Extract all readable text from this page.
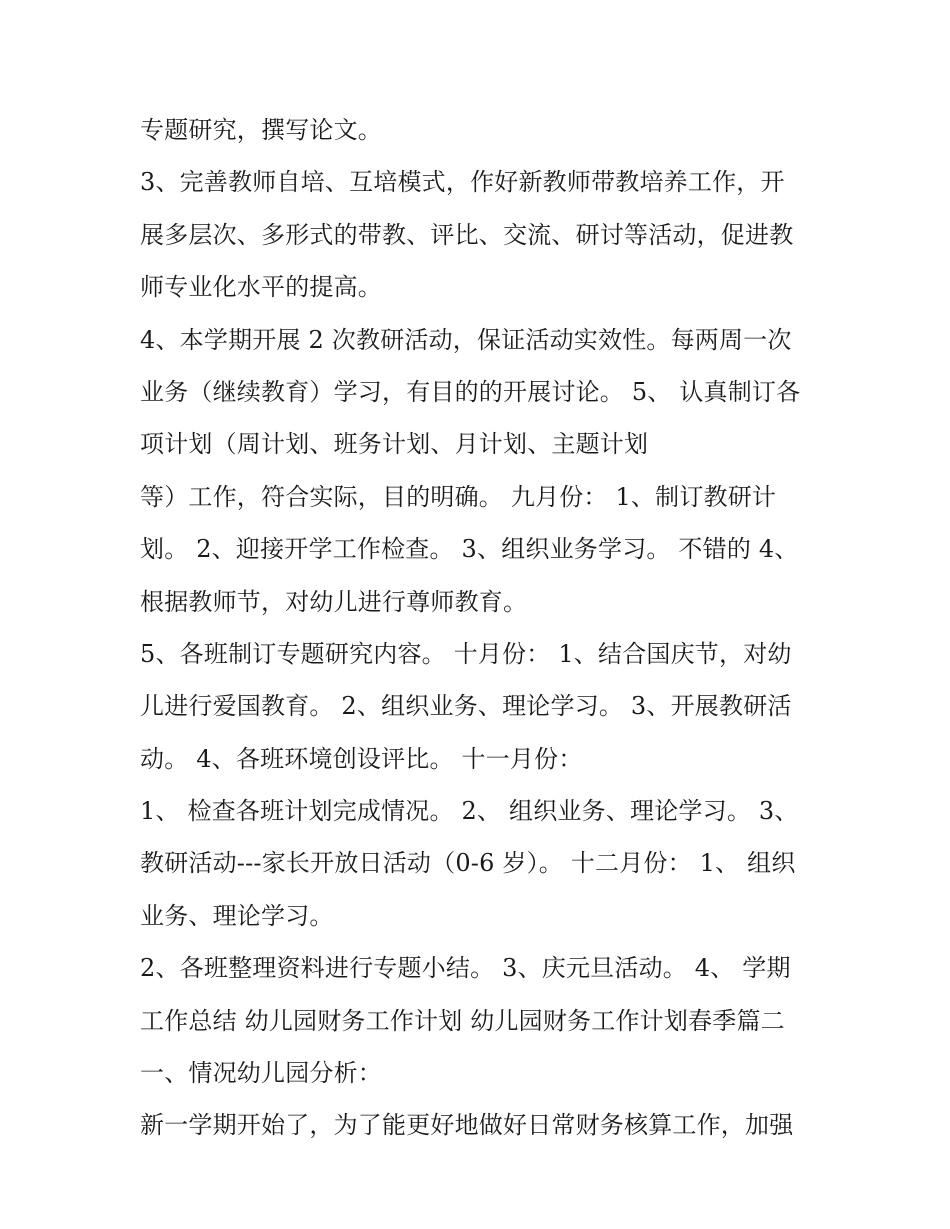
专题研究，撰写论文。
3、完善教师自培、互培模式，作好新教师带教培养工作，开
展多层次、多形式的带教、评比、交流、研讨等活动，促进教
师专业化水平的提高。
4、本学期开展 2 次教研活动，保证活动实效性。每两周一次
业务（继续教育）学习，有目的的开展讨论。 5、 认真制订各
项计划（周计划、班务计划、月计划、主题计划
等）工作，符合实际，目的明确。 九月份： 1、制订教研计
划。 2、迎接开学工作检查。 3、组织业务学习。 不错的 4、
根据教师节，对幼儿进行尊师教育。
5、各班制订专题研究内容。 十月份： 1、结合国庆节，对幼
儿进行爱国教育。 2、组织业务、理论学习。 3、开展教研活
动。 4、各班环境创设评比。 十一月份：
1、 检查各班计划完成情况。 2、 组织业务、理论学习。 3、
教研活动---家长开放日活动（0-6 岁）。 十二月份： 1、 组织
业务、理论学习。
2、各班整理资料进行专题小结。 3、庆元旦活动。 4、 学期
工作总结 幼儿园财务工作计划 幼儿园财务工作计划春季篇二
一、情况幼儿园分析：
新一学期开始了，为了能更好地做好日常财务核算工作，加强
